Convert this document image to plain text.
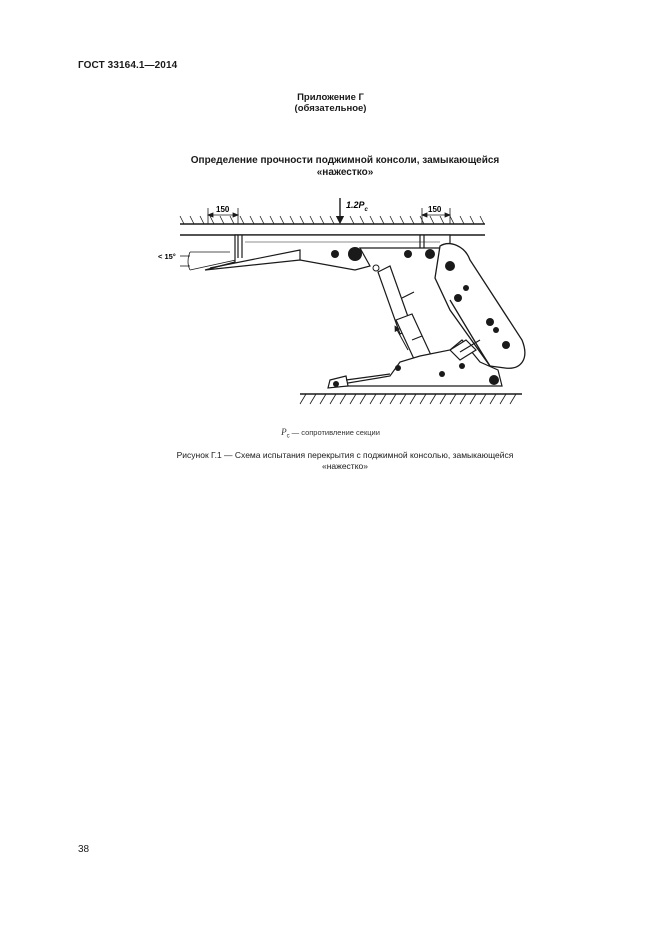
ГОСТ 33164.1—2014
Приложение Г
(обязательное)
Определение прочности поджимной консоли, замыкающейся
«нажестко»
$1.2P_c$
150	150
< 15°
$P_c$ — сопротивление секции
Рисунок Г.1 — Схема испытания перекрытия с поджимной консолью, замыкающейся
«нажестко»
38
